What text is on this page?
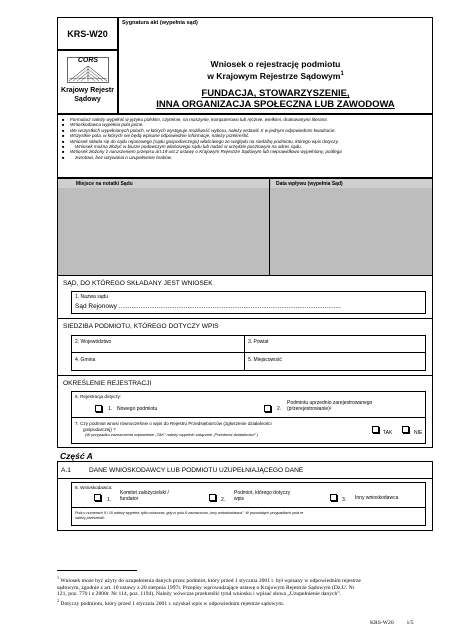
KRS-W20
CORS
Centrum Ośrodków Rozwoju Sądownictwa
Krajowy Rejestr
Sądowy
Sygnatura akt (wypełnia sąd)
Wniosek o rejestrację podmiotu
w Krajowym Rejestrze Sądowym$^1$
FUNDACJA, STOWARZYSZENIE,
INNA ORGANIZACJA SPOŁECZNA LUB ZAWODOWA
■ Formularz należy wypełnić w języku polskim, czytelnie, na maszynie, komputerowo lub ręcznie, wielkimi, drukowanymi literami.
■ Wnioskodawca wypełnia pola jasne.
■ We wszystkich wypełnianych polach, w których występuje możliwość wyboru, należy wstawić X w jednym odpowiednim kwadracie.
■ Wszystkie pola, w których nie będą wpisane odpowiednie informacje, należy przekreślić.
■ Wniosek składa się do sądu rejonowego (sądu gospodarczego) właściwego ze względu na siedzibę podmiotu, którego wpis dotyczy.
■ Wniosek można złożyć w biurze podawczym właściwego sądu lub nadać w urzędzie pocztowym na adres sądu.
■ Wniosek złożony z naruszeniem przepisu art.19 ust.2 ustawy o Krajowym Rejestrze Sądowym lub nieprawidłowo wypełniony, podlega
■ zwrotowi, bez wzywania o uzupełnienie braków.
Miejsce na notatki Sądu	Data wpływu (wypełnia Sąd)
SĄD, DO KTÓREGO SKŁADANY JEST WNIOSEK
1. Nazwa sądu
Sąd Rejonowy ...........................................................................................................................
SIEDZIBA PODMIOTU, KTÓREGO DOTYCZY WPIS
2. Województwo	3. Powiat
4. Gmina	5. Miejscowość
OKREŚLENIE REJESTRACJI
6. Rejestracja dotyczy:
1. Nowego podmiotu	2.
Podmiotu uprzednio zarejestrowanego
(przerejestrowanie)²
7. Czy podmiot wnosi równocześnie o wpis do Rejestru Przedsiębiorców (zgłoszenie działalności
gospodarczej) ?
(W przypadku zaznaczenia odpowiedzi „TAK” należy wypełnić załącznik „Przedmiot działalności” )	TAK	NIE
Część A
A.1	DANE WNIOSKODAWCY LUB PODMIOTU UZUPEŁNIAJĄCEGO DANE
8. Wnioskodawca:
1.
Komitet założycielski /
fundator	2.
Podmiot, którego dotyczy
wpis	3. Inny wnioskodawca
Pola o numerach 9 i 10 należy wypełnić tylko wówczas, gdy w polu 8 zaznaczono „Inny wnioskodawca”. W pozostałych przypadkach pola te
należy przekreślić.
$^1$ Wniosek może być użyty do uzupełnienia danych przez podmiot, który przed 1 stycznia 2001 r. był wpisany w odpowiednim rejestrze
sądowym, zgodnie z art. 10 ustawy z 20 sierpnia 1997r. Przepisy wprowadzające ustawę o Krajowym Rejestrze Sądowym (Dz.U. Nr
121, poz. 770 i z 2000r. Nr 114, poz. 1194). Należy wówczas przekreślić tytuł wniosku i wpisać słowa „Uzupełnienie danych”.
$^2$ Dotyczy podmiotu, który przed 1 stycznia 2001 r. uzyskał wpis w odpowiednim rejestrze sądowym.
KRS-W20 1/5
